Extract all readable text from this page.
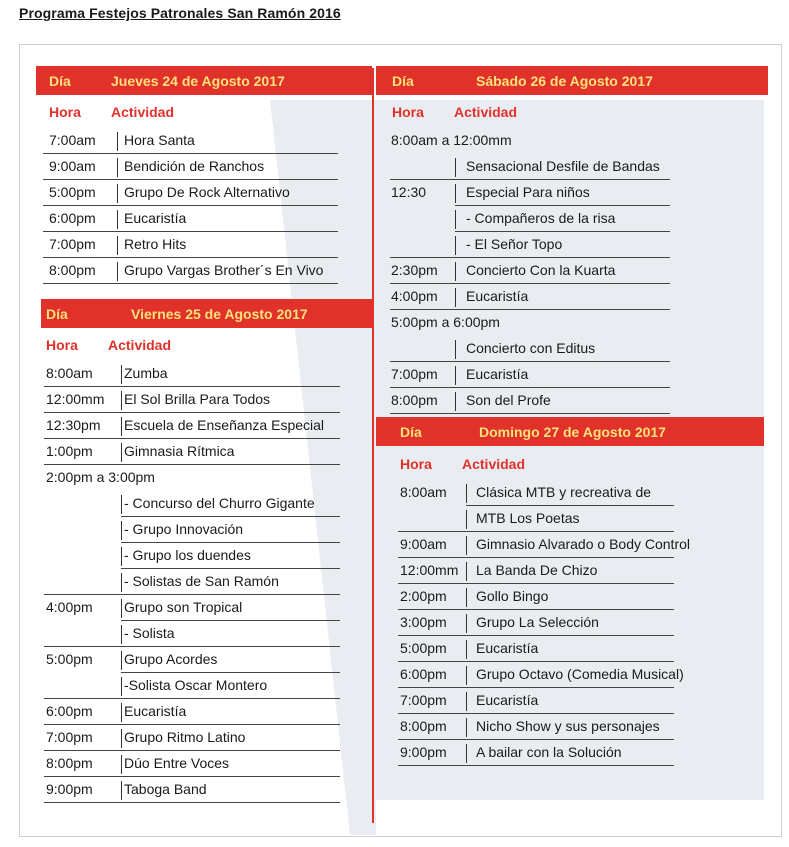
Programa Festejos Patronales San Ramón 2016
Día	Jueves 24 de Agosto 2017
Hora Actividad
7:00am Hora Santa
9:00am Bendición de Ranchos
5:00pm Grupo De Rock Alternativo
6:00pm Eucaristía
7:00pm Retro Hits
8:00pm Grupo Vargas Brother´s En Vivo
Día	Viernes 25 de Agosto 2017
Hora Actividad
8:00am Zumba
12:00mm El Sol Brilla Para Todos
12:30pm Escuela de Enseñanza Especial
1:00pm Gimnasia Rítmica
2:00pm a 3:00pm
- Concurso del Churro Gigante
- Grupo Innovación
- Grupo los duendes
- Solistas de San Ramón
4:00pm Grupo son Tropical
- Solista
5:00pm Grupo Acordes
-Solista Oscar Montero
6:00pm Eucaristía
7:00pm Grupo Ritmo Latino
8:00pm Dúo Entre Voces
9:00pm Taboga Band
Día	Sábado 26 de Agosto 2017
Hora Actividad
8:00am a 12:00mm
Sensacional Desfile de Bandas
12:30	Especial Para niños
- Compañeros de la risa
- El Señor Topo
2:30pm Concierto Con la Kuarta
4:00pm Eucaristía
5:00pm a 6:00pm
Concierto con Editus
7:00pm Eucaristía
8:00pm Son del Profe
Día	Domingo 27 de Agosto 2017
Hora Actividad
8:00am Clásica MTB y recreativa de
MTB Los Poetas
9:00am Gimnasio Alvarado o Body Control
12:00mm La Banda De Chizo
2:00pm Gollo Bingo
3:00pm Grupo La Selección
5:00pm Eucaristía
6:00pm Grupo Octavo (Comedia Musical)
7:00pm Eucaristía
8:00pm Nicho Show y sus personajes
9:00pm A bailar con la Solución
